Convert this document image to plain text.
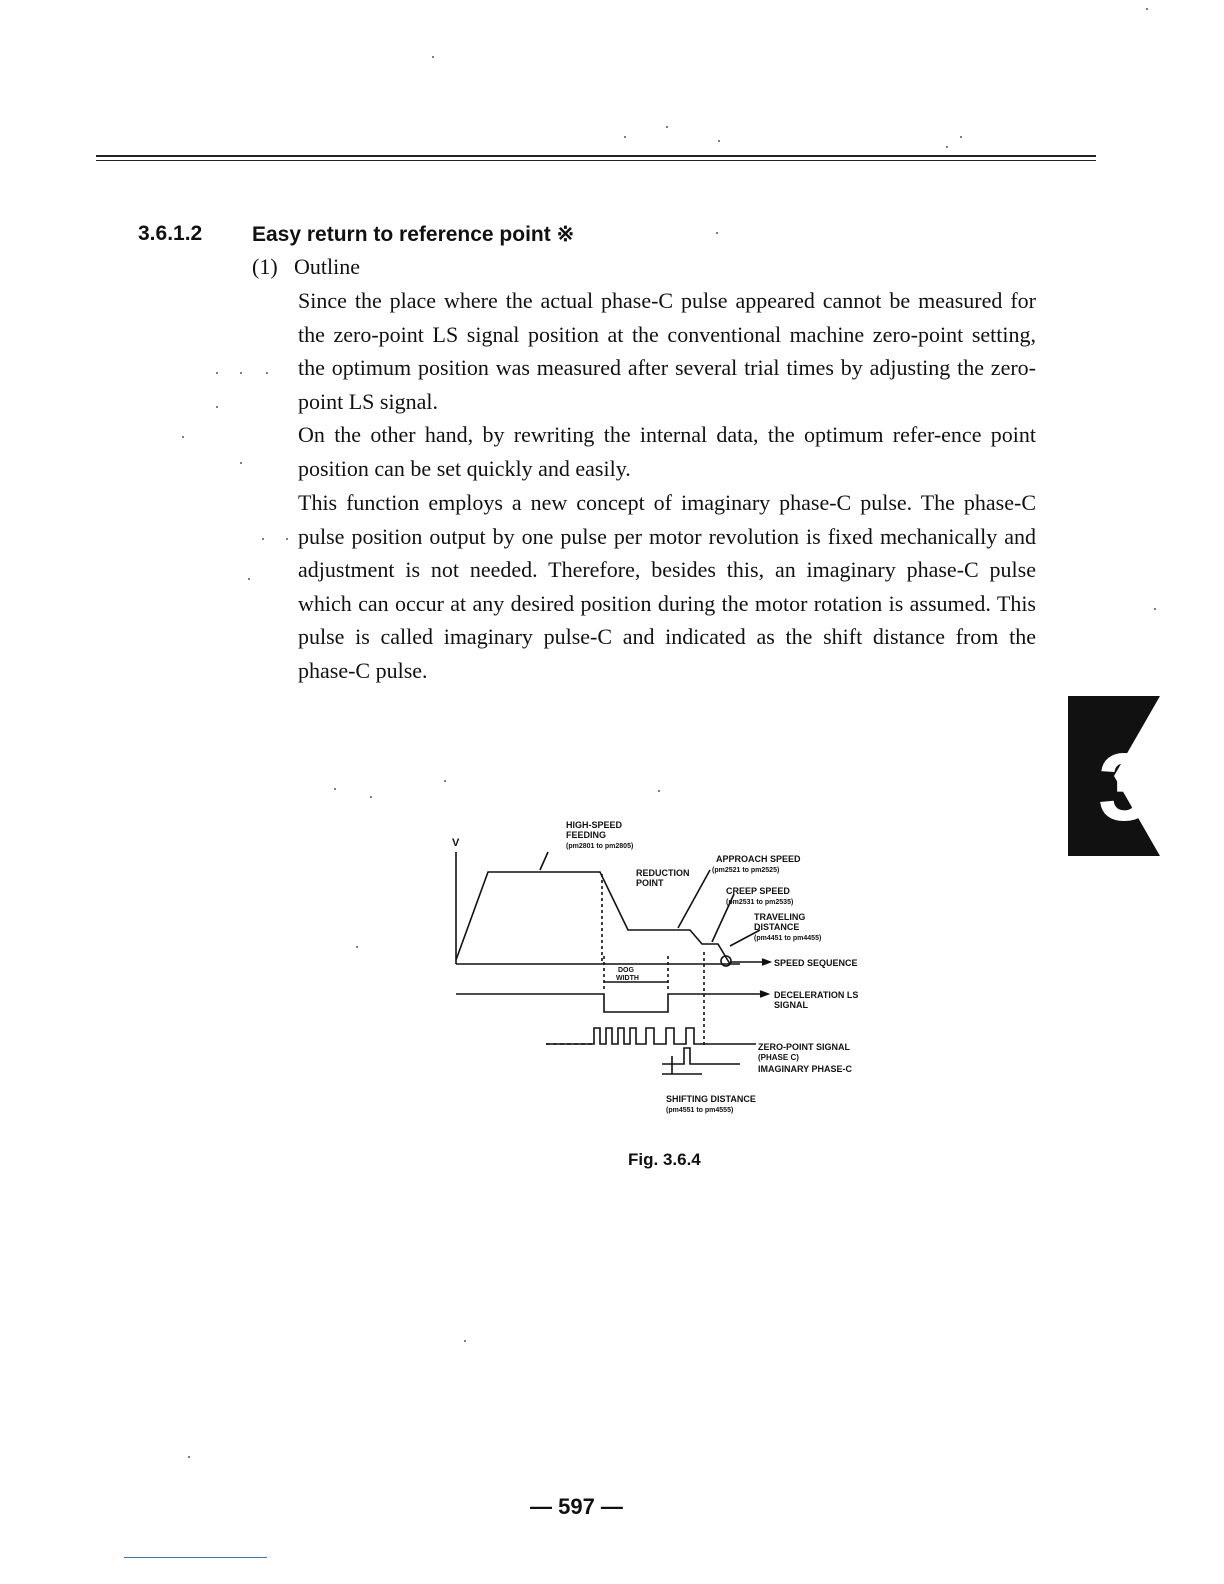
3.6.1.2 Easy return to reference point ※
(1) Outline

Since the place where the actual phase-C pulse appeared cannot be measured for the zero-point LS signal position at the conventional machine zero-point setting, the optimum position was measured after several trial times by adjusting the zero-point LS signal.

On the other hand, by rewriting the internal data, the optimum refer-ence point position can be set quickly and easily.

This function employs a new concept of imaginary phase-C pulse. The phase-C pulse position output by one pulse per motor revolution is fixed mechanically and adjustment is not needed. Therefore, besides this, an imaginary phase-C pulse which can occur at any desired position during the motor rotation is assumed. This pulse is called imaginary pulse-C and indicated as the shift distance from the phase-C pulse.

3
V
HIGH-SPEED
FEEDING
(pm2801 to pm2805)
APPROACH SPEED
(pm2521 to pm2525)
REDUCTION
POINT
CREEP SPEED
(pm2531 to pm2535)
TRAVELING
DISTANCE
(pm4451 to pm4455)
SPEED SEQUENCE
DOG
WIDTH
DECELERATION LS
SIGNAL
ZERO-POINT SIGNAL
(PHASE C)
IMAGINARY PHASE-C
SHIFTING DISTANCE
(pm4551 to pm4555)
Fig. 3.6.4
— 597 —
